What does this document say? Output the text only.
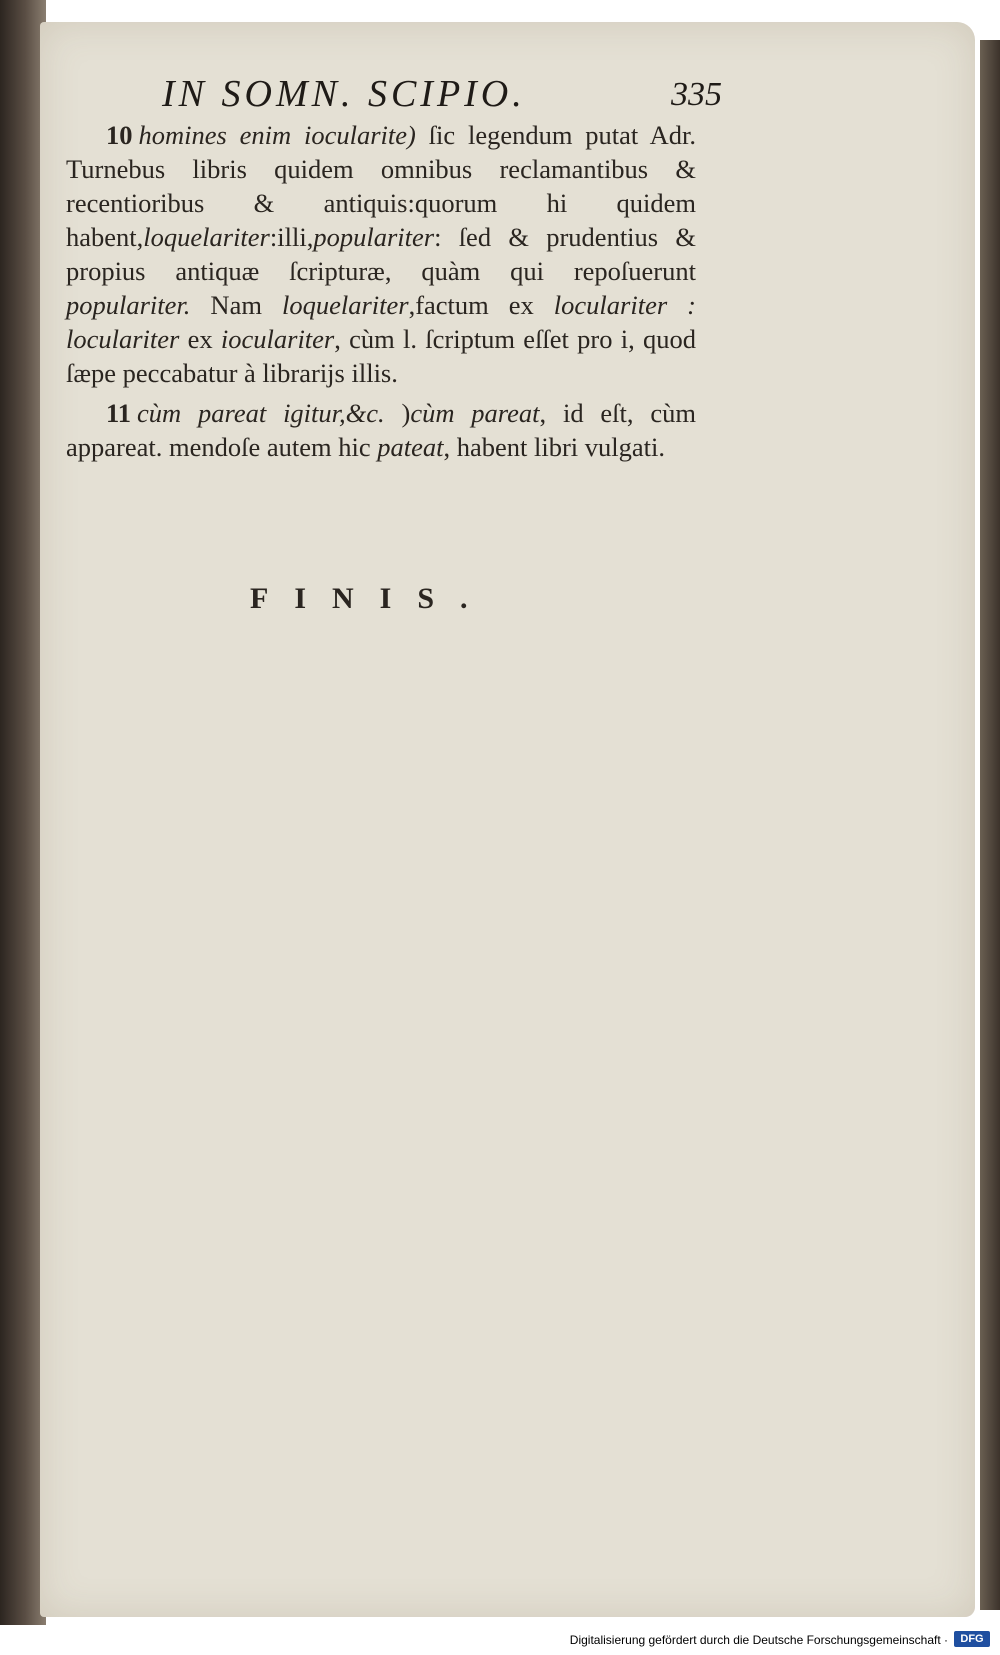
IN SOMN. SCIPIO.	335

10 homines enim iocularite) ſic legendum putat Adr. Turnebus libris quidem omnibus reclamantibus & recentioribus & antiquis:quorum hi quidem habent,loquelariter:illi,populariter: ſed & prudentius & propius antiquæ ſcripturæ, quàm qui repoſuerunt populariter. Nam loquelariter,factum ex loculariter : loculariter ex ioculariter, cùm l. ſcriptum eſſet pro i, quod ſæpe peccabatur à librarijs illis.

11 cùm pareat igitur,&c. )cùm pareat, id eſt, cùm appareat. mendoſe autem hic pateat, habent libri vulgati.

FINIS.
Digitalisierung gefördert durch die Deutsche Forschungsgemeinschaft ·	DFG
